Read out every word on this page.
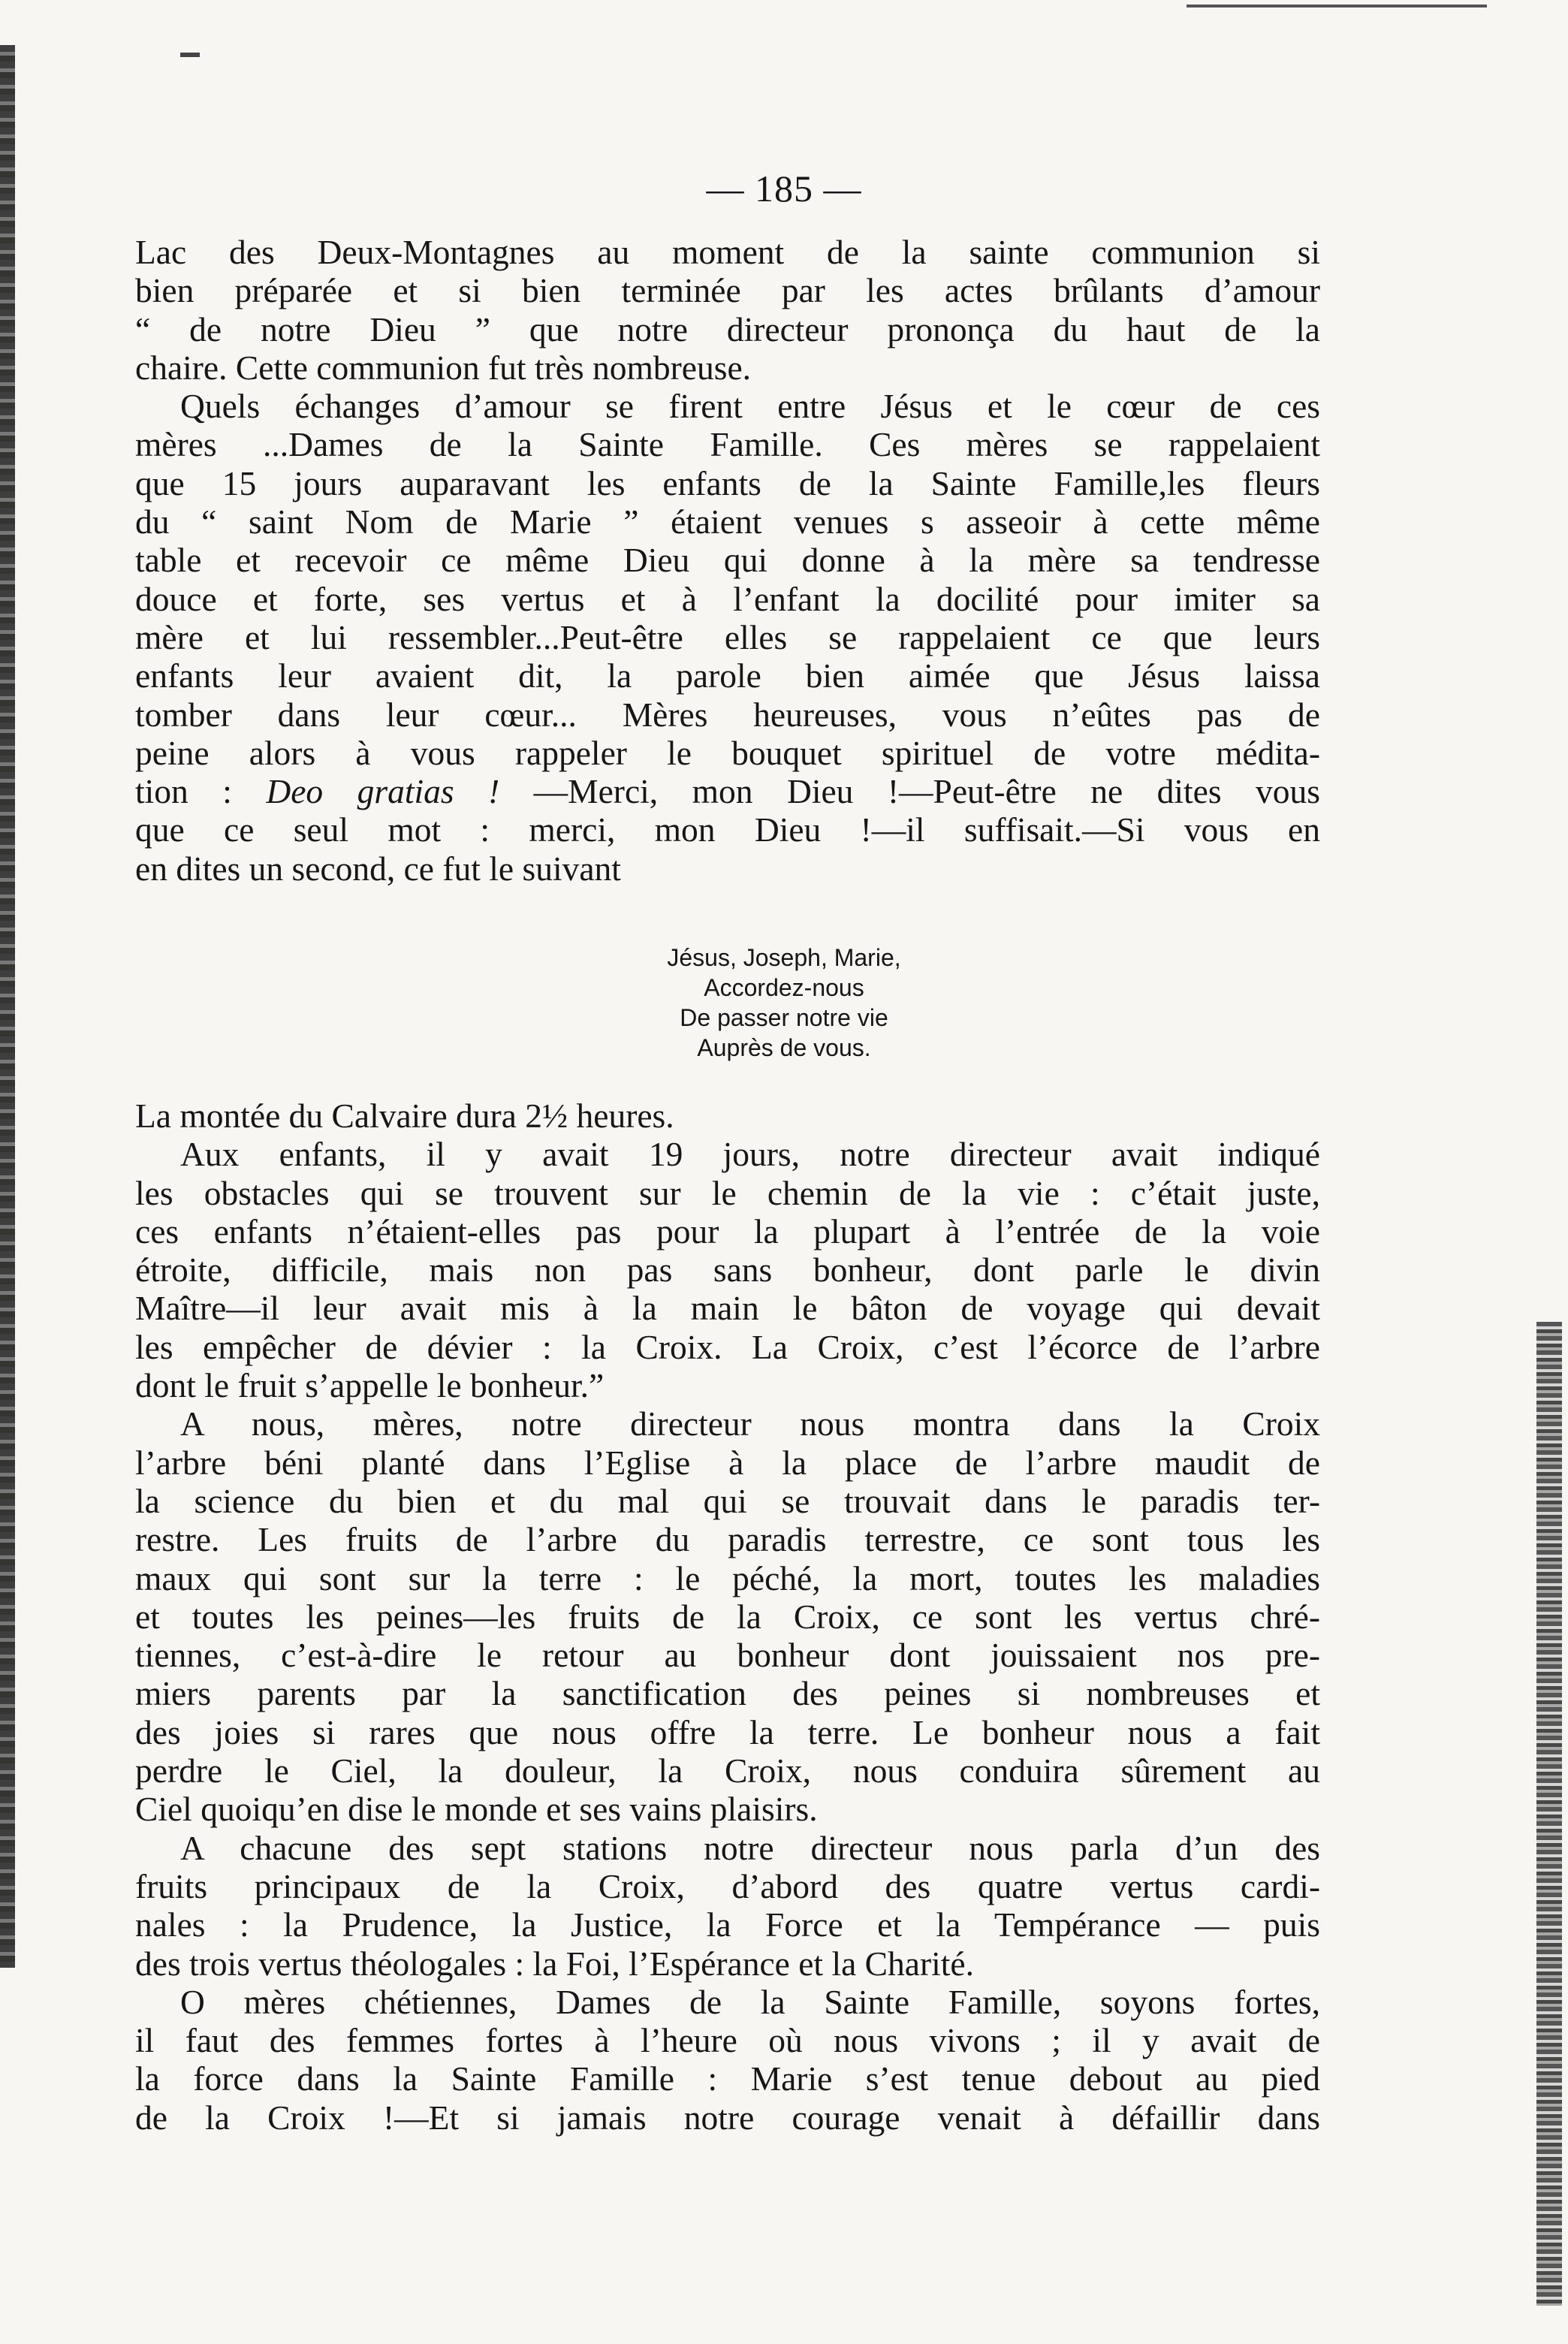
— 185 —
Lac des Deux-Montagnes au moment de la sainte communion si
bien préparée et si bien terminée par les actes brûlants d’amour
“ de notre Dieu ” que notre directeur prononça du haut de la
chaire. Cette communion fut très nombreuse.
Quels échanges d’amour se firent entre Jésus et le cœur de ces
mères ...Dames de la Sainte Famille. Ces mères se rappelaient
que 15 jours auparavant les enfants de la Sainte Famille,les fleurs
du “ saint Nom de Marie ” étaient venues s asseoir à cette même
table et recevoir ce même Dieu qui donne à la mère sa tendresse
douce et forte, ses vertus et à l’enfant la docilité pour imiter sa
mère et lui ressembler...Peut-être elles se rappelaient ce que leurs
enfants leur avaient dit, la parole bien aimée que Jésus laissa
tomber dans leur cœur... Mères heureuses, vous n’eûtes pas de
peine alors à vous rappeler le bouquet spirituel de votre médita-
tion : Deo gratias ! —Merci, mon Dieu !—Peut-être ne dites vous
que ce seul mot : merci, mon Dieu !—il suffisait.—Si vous en
en dites un second, ce fut le suivant
Jésus, Joseph, Marie,
Accordez-nous
De passer notre vie
Auprès de vous.
La montée du Calvaire dura 2½ heures.
Aux enfants, il y avait 19 jours, notre directeur avait indiqué
les obstacles qui se trouvent sur le chemin de la vie : c’était juste,
ces enfants n’étaient-elles pas pour la plupart à l’entrée de la voie
étroite, difficile, mais non pas sans bonheur, dont parle le divin
Maître—il leur avait mis à la main le bâton de voyage qui devait
les empêcher de dévier : la Croix. La Croix, c’est l’écorce de l’arbre
dont le fruit s’appelle le bonheur.”
A nous, mères, notre directeur nous montra dans la Croix
l’arbre béni planté dans l’Eglise à la place de l’arbre maudit de
la science du bien et du mal qui se trouvait dans le paradis ter-
restre. Les fruits de l’arbre du paradis terrestre, ce sont tous les
maux qui sont sur la terre : le péché, la mort, toutes les maladies
et toutes les peines—les fruits de la Croix, ce sont les vertus chré-
tiennes, c’est-à-dire le retour au bonheur dont jouissaient nos pre-
miers parents par la sanctification des peines si nombreuses et
des joies si rares que nous offre la terre. Le bonheur nous a fait
perdre le Ciel, la douleur, la Croix, nous conduira sûrement au
Ciel quoiqu’en dise le monde et ses vains plaisirs.
A chacune des sept stations notre directeur nous parla d’un des
fruits principaux de la Croix, d’abord des quatre vertus cardi-
nales : la Prudence, la Justice, la Force et la Tempérance — puis
des trois vertus théologales : la Foi, l’Espérance et la Charité.
O mères chétiennes, Dames de la Sainte Famille, soyons fortes,
il faut des femmes fortes à l’heure où nous vivons ; il y avait de
la force dans la Sainte Famille : Marie s’est tenue debout au pied
de la Croix !—Et si jamais notre courage venait à défaillir dans
